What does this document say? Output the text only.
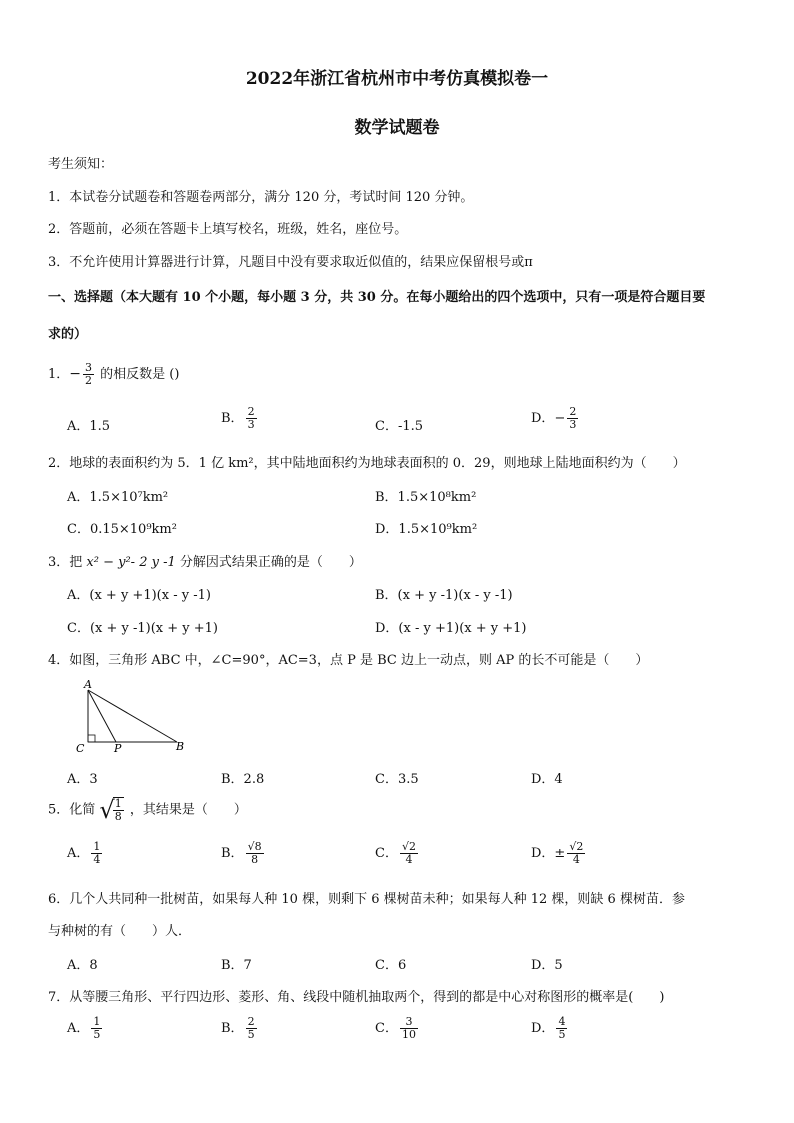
2022年浙江省杭州市中考仿真模拟卷一
数学试题卷
考生须知：
1．本试卷分试题卷和答题卷两部分，满分 120 分，考试时间 120 分钟。
2．答题前，必须在答题卡上填写校名，班级，姓名，座位号。
3．不允许使用计算器进行计算，凡题目中没有要求取近似值的，结果应保留根号或π
一、选择题（本大题有 10 个小题，每小题 3 分，共 30 分。在每小题给出的四个选项中，只有一项是符合题目要
求的）
1．− $\frac{3}{2}$ 的相反数是 ()
A．1.5
B． $\frac{2}{3}$	C．-1.5
D．− $\frac{2}{3}$
2．地球的表面积约为 5．1 亿 km²，其中陆地面积约为地球表面积的 0．29，则地球上陆地面积约为（　　）
A．1.5×10⁷km²	B．1.5×10⁸km²
C．0.15×10⁹km²	D．1.5×10⁹km²
3．把 x² − y²- 2 y -1 分解因式结果正确的是（　　）
A．(x + y +1)(x - y -1)	B．(x + y -1)(x - y -1)
C．(x + y -1)(x + y +1)	D．(x - y +1)(x + y +1)
4．如图，三角形 ABC 中，∠C=90°，AC=3，点 P 是 BC 边上一动点，则 AP 的长不可能是（　　）
A
C	P	B
A．3	B．2.8	C．3.5	D．4
5．化简 √
$\frac{1}{8}$ ，其结果是（　　）
A． $\frac{1}{4}$	B． $\frac{√8}{8}$	C． $\frac{√2}{4}$	D．± $\frac{√2}{4}$
6．几个人共同种一批树苗，如果每人种 10 棵，则剩下 6 棵树苗未种；如果每人种 12 棵，则缺 6 棵树苗．参
与种树的有（　　）人．
A．8	B．7	C．6	D．5
7．从等腰三角形、平行四边形、菱形、角、线段中随机抽取两个，得到的都是中心对称图形的概率是(　　)
A． $\frac{1}{5}$	B． $\frac{2}{5}$	C． $\frac{3}{10}$	D． $\frac{4}{5}$
